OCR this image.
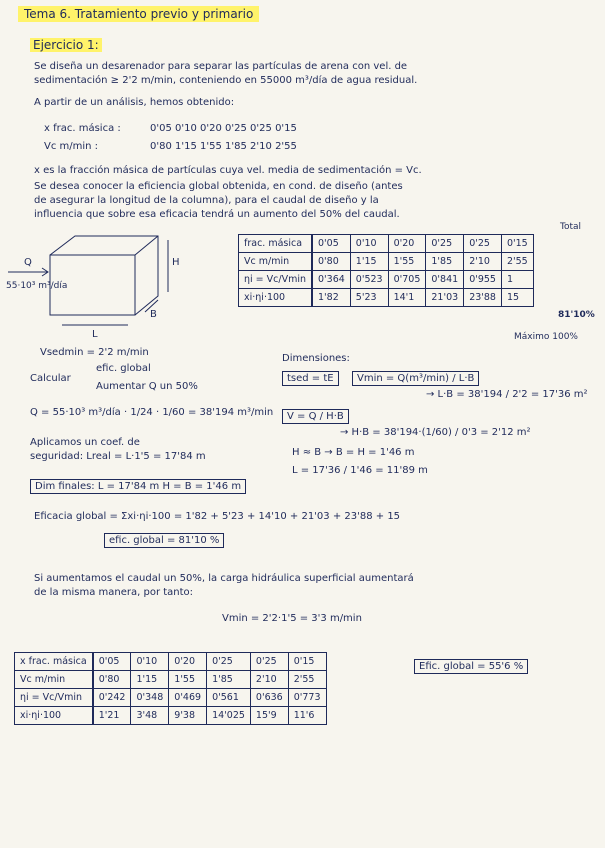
Tema 6. Tratamiento previo y primario
Ejercicio 1:
Se diseña un desarenador para separar las partículas de arena con vel. de
sedimentación ≥ 2'2 m/min, conteniendo en 55000 m³/día de agua residual.
A partir de un análisis, hemos obtenido:
x frac. másica :	0'05 0'10 0'20 0'25 0'25 0'15
Vc m/min :	0'80 1'15 1'55 1'85 2'10 2'55
x es la fracción másica de partículas cuya vel. media de sedimentación = Vc.
Se desea conocer la eficiencia global obtenida, en cond. de diseño (antes
de asegurar la longitud de la columna), para el caudal de diseño y la
influencia que sobre esa eficacia tendrá un aumento del 50% del caudal.
Q
55·10³ m³/día
H
B
L
Total
frac. másica	0'05	0'10	0'20	0'25	0'25	0'15
Vc m/min	0'80	1'15	1'55	1'85	2'10	2'55
ηi = Vc/Vmin	0'364	0'523	0'705	0'841	0'955	1
xi·ηi·100	1'82	5'23	14'1	21'03	23'88	15
81'10%
Máximo 100%
Vsedmin = 2'2 m/min
Calcular
efic. global
Aumentar Q un 50%
Q = 55·10³ m³/día · 1/24 · 1/60 = 38'194 m³/min
Aplicamos un coef. de
seguridad: Lreal = L·1'5 = 17'84 m
Dim finales: L = 17'84 m H = B = 1'46 m
Dimensiones:
tsed = tE	Vmin = Q(m³/min) / L·B
→ L·B = 38'194 / 2'2 = 17'36 m²
V = Q / H·B
→ H·B = 38'194·(1/60) / 0'3 = 2'12 m²
H ≈ B → B = H = 1'46 m
L = 17'36 / 1'46 = 11'89 m
Eficacia global = Σxi·ηi·100 = 1'82 + 5'23 + 14'10 + 21'03 + 23'88 + 15
efic. global = 81'10 %
Si aumentamos el caudal un 50%, la carga hidráulica superficial aumentará
de la misma manera, por tanto:
Vmin = 2'2·1'5 = 3'3 m/min
x frac. másica	0'05	0'10	0'20	0'25	0'25	0'15
Vc m/min	0'80	1'15	1'55	1'85	2'10	2'55
ηi = Vc/Vmin	0'242	0'348	0'469	0'561	0'636	0'773
xi·ηi·100	1'21	3'48	9'38	14'025	15'9	11'6
Efic. global = 55'6 %
